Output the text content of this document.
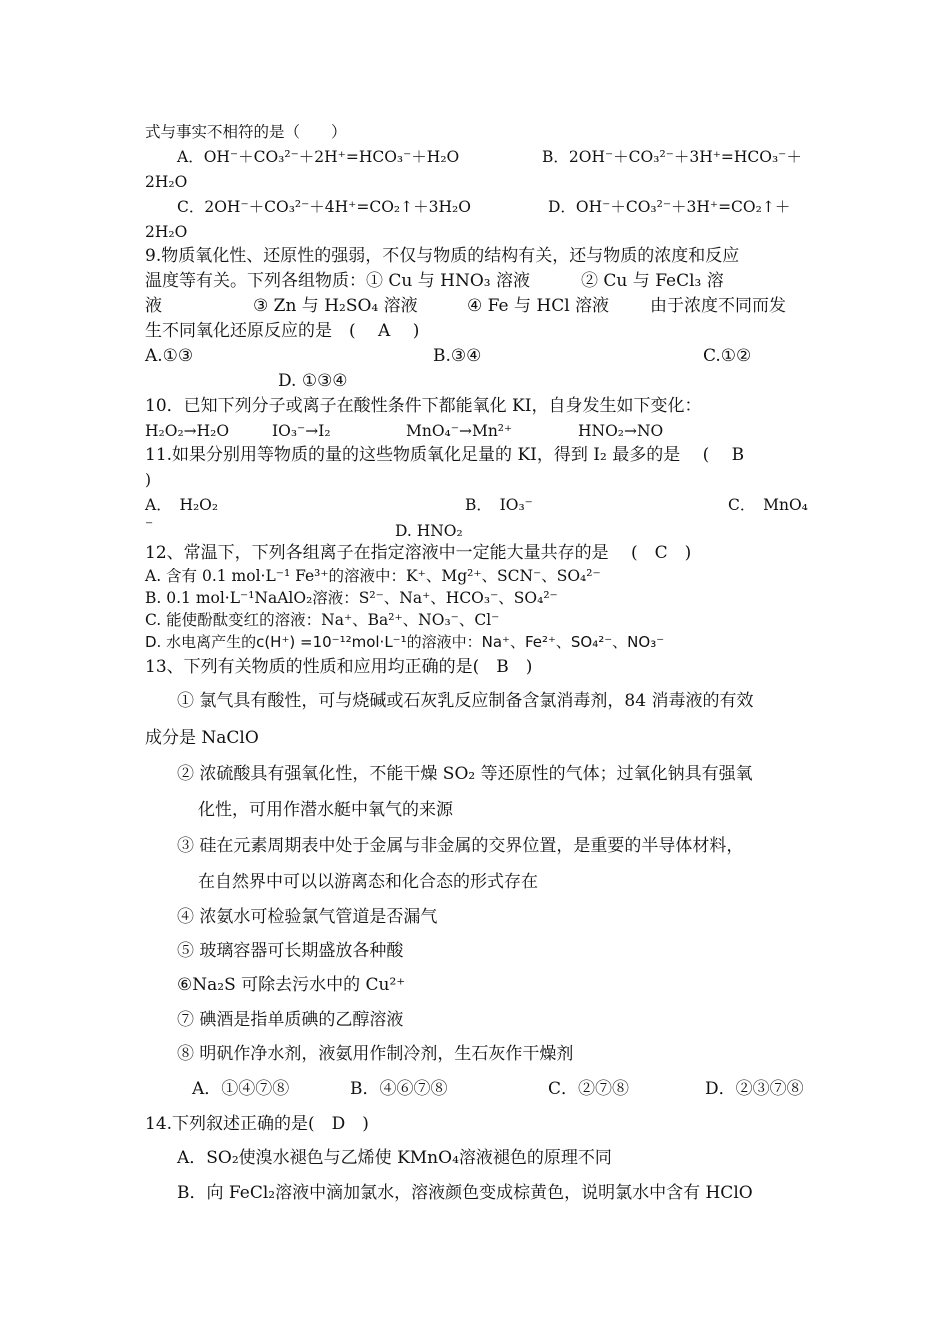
式与事实不相符的是（　　）
A．OH⁻＋CO₃²⁻＋2H⁺=HCO₃⁻＋H₂O	B．2OH⁻＋CO₃²⁻＋3H⁺=HCO₃⁻＋
2H₂O
C．2OH⁻＋CO₃²⁻＋4H⁺=CO₂↑＋3H₂O	D．OH⁻＋CO₃²⁻＋3H⁺=CO₂↑＋
2H₂O
9.物质氧化性、还原性的强弱，不仅与物质的结构有关，还与物质的浓度和反应
温度等有关。下列各组物质：① Cu 与 HNO₃ 溶液　　　② Cu 与 FeCl₃ 溶
液	③ Zn 与 H₂SO₄ 溶液	④ Fe 与 HCl 溶液 由于浓度不同而发
生不同氧化还原反应的是　(　 A　 )
A.①③	B.③④	C.①②
D. ①③④
10．已知下列分子或离子在酸性条件下都能氧化 KI，自身发生如下变化：
H₂O₂→H₂O	IO₃⁻→I₂	MnO₄⁻→Mn²⁺	HNO₂→NO
11.如果分别用等物质的量的这些物质氧化足量的 KI，得到 I₂ 最多的是　 (　 B
)
A．　H₂O₂	B．　IO₃⁻	C．　MnO₄
⁻	D. HNO₂
12、常温下，下列各组离子在指定溶液中一定能大量共存的是　 (　C　)
A. 含有 0.1 mol·L⁻¹ Fe³⁺的溶液中：K⁺、Mg²⁺、SCN⁻、SO₄²⁻
B. 0.1 mol·L⁻¹NaAlO₂溶液：S²⁻、Na⁺、HCO₃⁻、SO₄²⁻
C. 能使酚酞变红的溶液：Na⁺、Ba²⁺、NO₃⁻、Cl⁻
D. 水电离产生的c(H⁺) =10⁻¹²mol·L⁻¹的溶液中：Na⁺、Fe²⁺、SO₄²⁻、NO₃⁻
13、下列有关物质的性质和应用均正确的是(　B　)
① 氯气具有酸性，可与烧碱或石灰乳反应制备含氯消毒剂，84 消毒液的有效
成分是 NaClO
② 浓硫酸具有强氧化性，不能干燥 SO₂ 等还原性的气体；过氧化钠具有强氧
化性，可用作潜水艇中氧气的来源
③ 硅在元素周期表中处于金属与非金属的交界位置，是重要的半导体材料，
在自然界中可以以游离态和化合态的形式存在
④ 浓氨水可检验氯气管道是否漏气
⑤ 玻璃容器可长期盛放各种酸
⑥Na₂S 可除去污水中的 Cu²⁺
⑦ 碘酒是指单质碘的乙醇溶液
⑧ 明矾作净水剂，液氨用作制冷剂，生石灰作干燥剂
A．①④⑦⑧	B．④⑥⑦⑧	C．②⑦⑧	D．②③⑦⑧
14.下列叙述正确的是(　D　)
A．SO₂使溴水褪色与乙烯使 KMnO₄溶液褪色的原理不同
B．向 FeCl₂溶液中滴加氯水，溶液颜色变成棕黄色，说明氯水中含有 HClO
